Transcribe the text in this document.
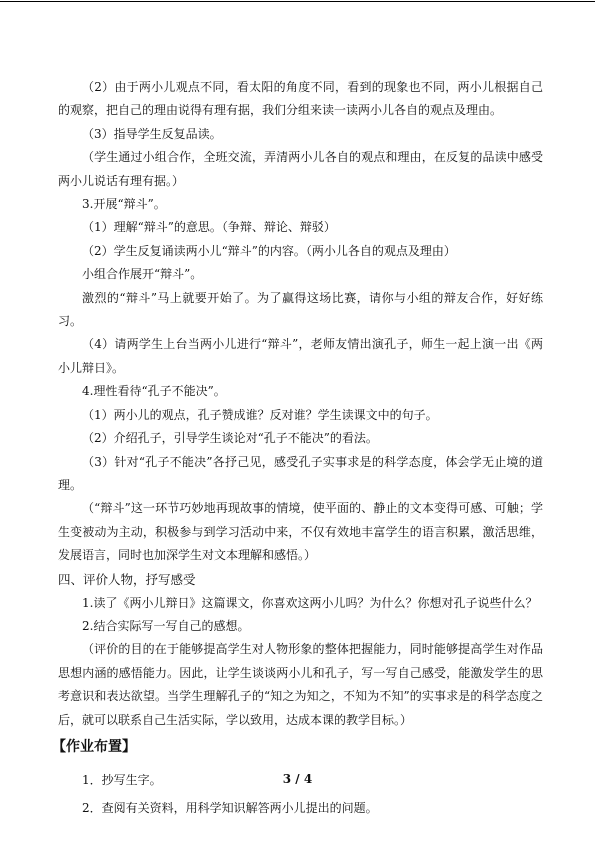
（2）由于两小儿观点不同，看太阳的角度不同，看到的现象也不同，两小儿根据自己的观察，把自己的理由说得有理有据，我们分组来读一读两小儿各自的观点及理由。

（3）指导学生反复品读。

（学生通过小组合作，全班交流，弄清两小儿各自的观点和理由，在反复的品读中感受两小儿说话有理有据。）

3.开展“辩斗”。

（1）理解“辩斗”的意思。（争辩、辩论、辩驳）

（2）学生反复诵读两小儿“辩斗”的内容。（两小儿各自的观点及理由）

小组合作展开“辩斗”。

激烈的“辩斗”马上就要开始了。为了赢得这场比赛，请你与小组的辩友合作，好好练习。

（4）请两学生上台当两小儿进行“辩斗”，老师友情出演孔子，师生一起上演一出《两小儿辩日》。

4.理性看待“孔子不能决”。

（1）两小儿的观点，孔子赞成谁？反对谁？学生读课文中的句子。

（2）介绍孔子，引导学生谈论对“孔子不能决”的看法。

（3）针对“孔子不能决”各抒己见，感受孔子实事求是的科学态度，体会学无止境的道理。

（“辩斗”这一环节巧妙地再现故事的情境，使平面的、静止的文本变得可感、可触；学生变被动为主动，积极参与到学习活动中来，不仅有效地丰富学生的语言积累，激活思维，发展语言，同时也加深学生对文本理解和感悟。）

四、评价人物，抒写感受

1.读了《两小儿辩日》这篇课文，你喜欢这两小儿吗？为什么？你想对孔子说些什么？

2.结合实际写一写自己的感想。

（评价的目的在于能够提高学生对人物形象的整体把握能力，同时能够提高学生对作品思想内涵的感悟能力。因此，让学生谈谈两小儿和孔子，写一写自己感受，能激发学生的思考意识和表达欲望。当学生理解孔子的“知之为知之，不知为不知”的实事求是的科学态度之后，就可以联系自己生活实际，学以致用，达成本课的教学目标。）

【作业布置】

1．抄写生字。

2．查阅有关资料，用科学知识解答两小儿提出的问题。

3 / 4
